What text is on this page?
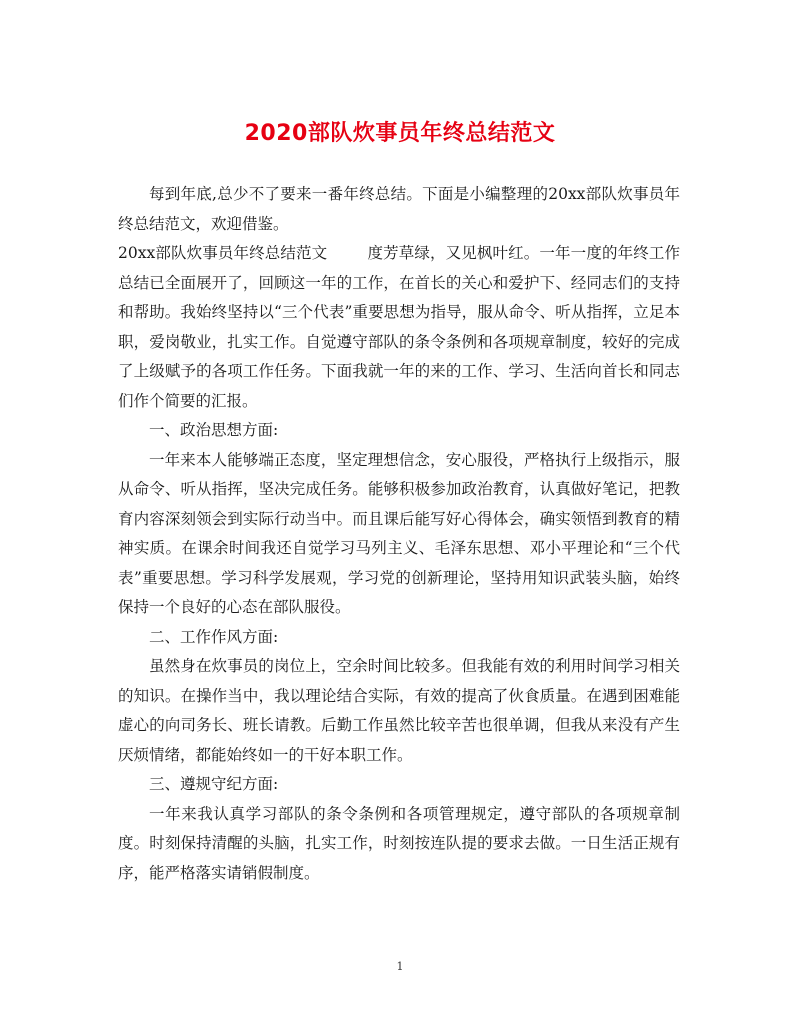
2020部队炊事员年终总结范文

每到年底,总少不了要来一番年终总结。下面是小编整理的20xx部队炊事员年终总结范文，欢迎借鉴。

20xx部队炊事员年终总结范文	度芳草绿，又见枫叶红。一年一度的年终工作总结已全面展开了，回顾这一年的工作，在首长的关心和爱护下、经同志们的支持和帮助。我始终坚持以“三个代表”重要思想为指导，服从命令、听从指挥，立足本职，爱岗敬业，扎实工作。自觉遵守部队的条令条例和各项规章制度，较好的完成了上级赋予的各项工作任务。下面我就一年的来的工作、学习、生活向首长和同志们作个简要的汇报。

一、政治思想方面:

一年来本人能够端正态度，坚定理想信念，安心服役，严格执行上级指示，服从命令、听从指挥，坚决完成任务。能够积极参加政治教育，认真做好笔记，把教育内容深刻领会到实际行动当中。而且课后能写好心得体会，确实领悟到教育的精神实质。在课余时间我还自觉学习马列主义、毛泽东思想、邓小平理论和“三个代表”重要思想。学习科学发展观，学习党的创新理论，坚持用知识武装头脑，始终保持一个良好的心态在部队服役。

二、工作作风方面:

虽然身在炊事员的岗位上，空余时间比较多。但我能有效的利用时间学习相关的知识。在操作当中，我以理论结合实际，有效的提高了伙食质量。在遇到困难能虚心的向司务长、班长请教。后勤工作虽然比较辛苦也很单调，但我从来没有产生厌烦情绪，都能始终如一的干好本职工作。

三、遵规守纪方面:

一年来我认真学习部队的条令条例和各项管理规定，遵守部队的各项规章制度。时刻保持清醒的头脑，扎实工作，时刻按连队提的要求去做。一日生活正规有序，能严格落实请销假制度。

1
